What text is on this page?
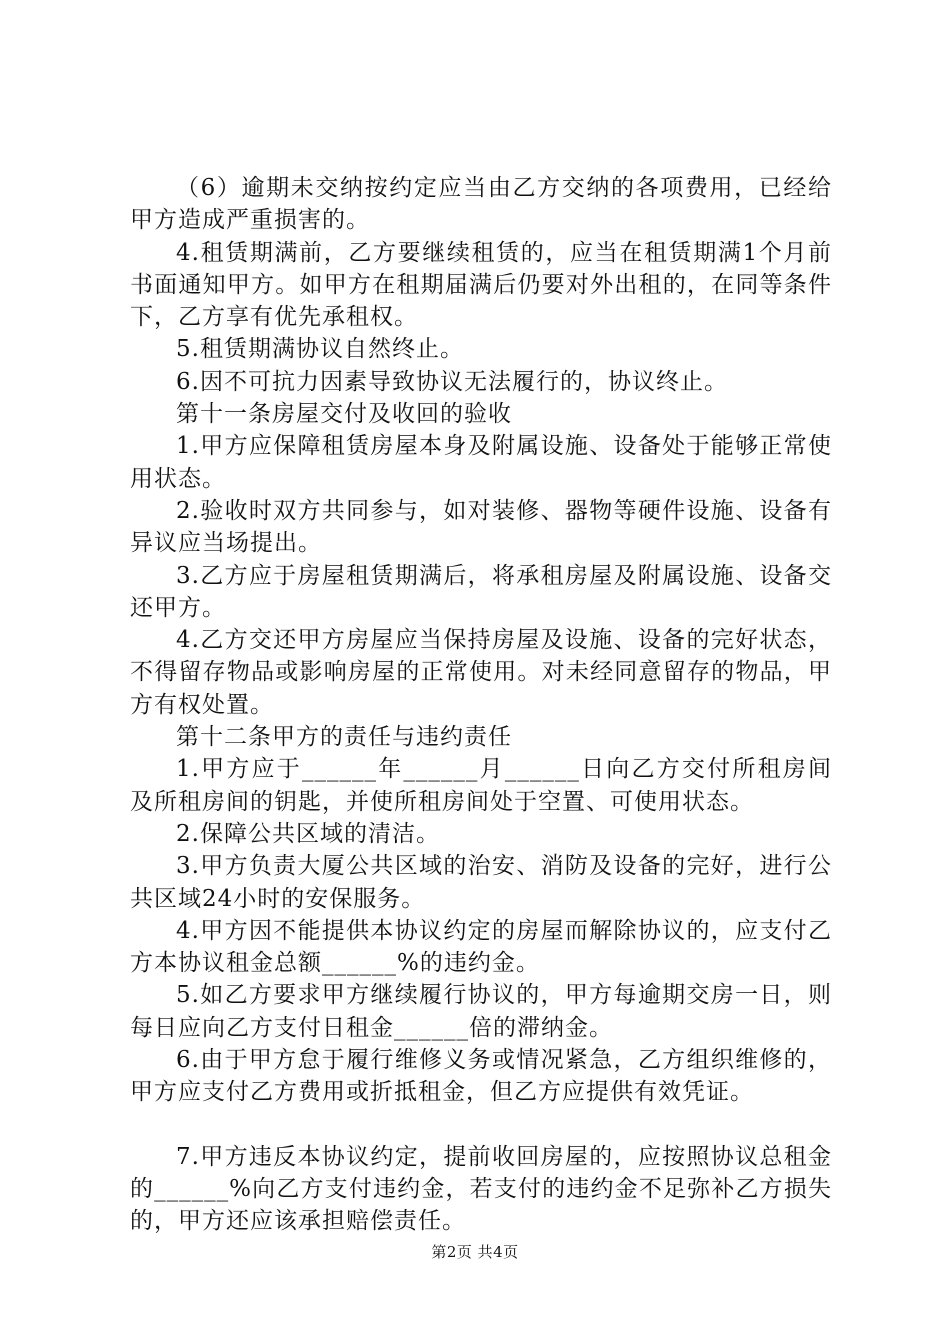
（6）逾期未交纳按约定应当由乙方交纳的各项费用，已经给甲方造成严重损害的。

4.租赁期满前，乙方要继续租赁的，应当在租赁期满1个月前书面通知甲方。如甲方在租期届满后仍要对外出租的，在同等条件下，乙方享有优先承租权。

5.租赁期满协议自然终止。

6.因不可抗力因素导致协议无法履行的，协议终止。

第十一条房屋交付及收回的验收

1.甲方应保障租赁房屋本身及附属设施、设备处于能够正常使用状态。

2.验收时双方共同参与，如对装修、器物等硬件设施、设备有异议应当场提出。

3.乙方应于房屋租赁期满后，将承租房屋及附属设施、设备交还甲方。

4.乙方交还甲方房屋应当保持房屋及设施、设备的完好状态，不得留存物品或影响房屋的正常使用。对未经同意留存的物品，甲方有权处置。

第十二条甲方的责任与违约责任

1.甲方应于______年______月______日向乙方交付所租房间及所租房间的钥匙，并使所租房间处于空置、可使用状态。

2.保障公共区域的清洁。

3.甲方负责大厦公共区域的治安、消防及设备的完好，进行公共区域24小时的安保服务。

4.甲方因不能提供本协议约定的房屋而解除协议的，应支付乙方本协议租金总额______%的违约金。

5.如乙方要求甲方继续履行协议的，甲方每逾期交房一日，则每日应向乙方支付日租金______倍的滞纳金。

6.由于甲方怠于履行维修义务或情况紧急，乙方组织维修的，甲方应支付乙方费用或折抵租金，但乙方应提供有效凭证。

7.甲方违反本协议约定，提前收回房屋的，应按照协议总租金的______%向乙方支付违约金，若支付的违约金不足弥补乙方损失的，甲方还应该承担赔偿责任。

第2页 共4页
